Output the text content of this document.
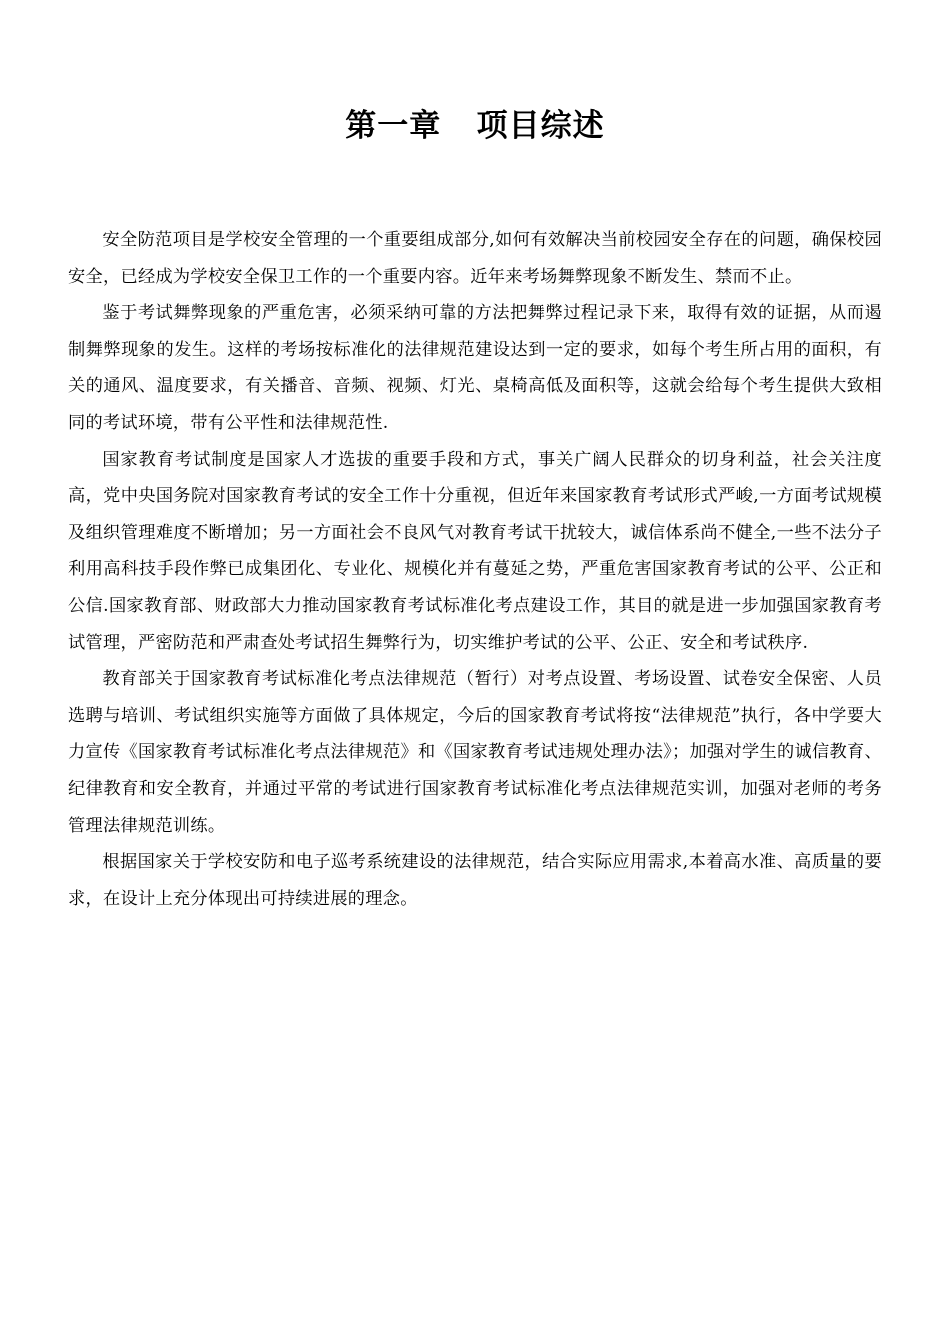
第一章   项目综述

安全防范项目是学校安全管理的一个重要组成部分,如何有效解决当前校园安全存在的问题，确保校园安全，已经成为学校安全保卫工作的一个重要内容。近年来考场舞弊现象不断发生、禁而不止。

鉴于考试舞弊现象的严重危害，必须采纳可靠的方法把舞弊过程记录下来，取得有效的证据，从而遏制舞弊现象的发生。这样的考场按标准化的法律规范建设达到一定的要求，如每个考生所占用的面积，有关的通风、温度要求，有关播音、音频、视频、灯光、桌椅高低及面积等，这就会给每个考生提供大致相同的考试环境，带有公平性和法律规范性.

国家教育考试制度是国家人才选拔的重要手段和方式，事关广阔人民群众的切身利益，社会关注度高，党中央国务院对国家教育考试的安全工作十分重视，但近年来国家教育考试形式严峻,一方面考试规模及组织管理难度不断增加；另一方面社会不良风气对教育考试干扰较大，诚信体系尚不健全,一些不法分子利用高科技手段作弊已成集团化、专业化、规模化并有蔓延之势，严重危害国家教育考试的公平、公正和公信.国家教育部、财政部大力推动国家教育考试标准化考点建设工作，其目的就是进一步加强国家教育考试管理，严密防范和严肃查处考试招生舞弊行为，切实维护考试的公平、公正、安全和考试秩序.

教育部关于国家教育考试标准化考点法律规范（暂行）对考点设置、考场设置、试卷安全保密、人员选聘与培训、考试组织实施等方面做了具体规定，今后的国家教育考试将按“法律规范”执行，各中学要大力宣传《国家教育考试标准化考点法律规范》和《国家教育考试违规处理办法》；加强对学生的诚信教育、纪律教育和安全教育，并通过平常的考试进行国家教育考试标准化考点法律规范实训，加强对老师的考务管理法律规范训练。

根据国家关于学校安防和电子巡考系统建设的法律规范，结合实际应用需求,本着高水准、高质量的要求，在设计上充分体现出可持续进展的理念。
